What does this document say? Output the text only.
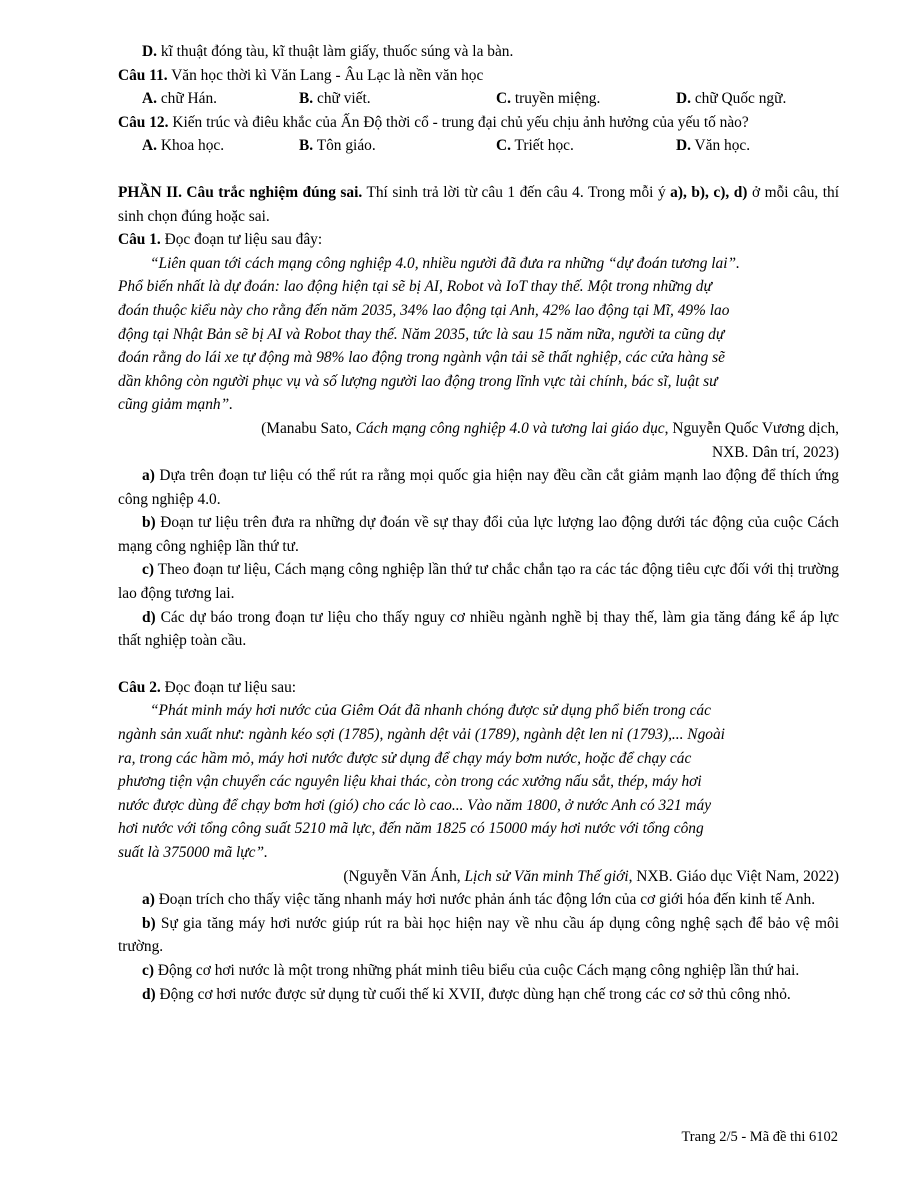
D. kĩ thuật đóng tàu, kĩ thuật làm giấy, thuốc súng và la bàn.
Câu 11. Văn học thời kì Văn Lang - Âu Lạc là nền văn học
A. chữ Hán.	B. chữ viết.	C. truyền miệng.	D. chữ Quốc ngữ.
Câu 12. Kiến trúc và điêu khắc của Ấn Độ thời cổ - trung đại chủ yếu chịu ảnh hưởng của yếu tố nào?
A. Khoa học.	B. Tôn giáo.	C. Triết học.	D. Văn học.
PHẦN II. Câu trắc nghiệm đúng sai. Thí sinh trả lời từ câu 1 đến câu 4. Trong mỗi ý a), b), c), d) ở mỗi câu, thí sinh chọn đúng hoặc sai.
Câu 1. Đọc đoạn tư liệu sau đây:
“Liên quan tới cách mạng công nghiệp 4.0, nhiều người đã đưa ra những “dự đoán tương lai”.
Phổ biến nhất là dự đoán: lao động hiện tại sẽ bị AI, Robot và IoT thay thế. Một trong những dự
đoán thuộc kiểu này cho rằng đến năm 2035, 34% lao động tại Anh, 42% lao động tại Mĩ, 49% lao
động tại Nhật Bản sẽ bị AI và Robot thay thế. Năm 2035, tức là sau 15 năm nữa, người ta cũng dự
đoán rằng do lái xe tự động mà 98% lao động trong ngành vận tải sẽ thất nghiệp, các cửa hàng sẽ
dần không còn người phục vụ và số lượng người lao động trong lĩnh vực tài chính, bác sĩ, luật sư
cũng giảm mạnh”.
(Manabu Sato, Cách mạng công nghiệp 4.0 và tương lai giáo dục, Nguyễn Quốc Vương dịch,
NXB. Dân trí, 2023)
a) Dựa trên đoạn tư liệu có thể rút ra rằng mọi quốc gia hiện nay đều cần cắt giảm mạnh lao động để thích ứng công nghiệp 4.0.
b) Đoạn tư liệu trên đưa ra những dự đoán về sự thay đổi của lực lượng lao động dưới tác động của cuộc Cách mạng công nghiệp lần thứ tư.
c) Theo đoạn tư liệu, Cách mạng công nghiệp lần thứ tư chắc chắn tạo ra các tác động tiêu cực đối với thị trường lao động tương lai.
d) Các dự báo trong đoạn tư liệu cho thấy nguy cơ nhiều ngành nghề bị thay thế, làm gia tăng đáng kể áp lực thất nghiệp toàn cầu.
Câu 2. Đọc đoạn tư liệu sau:
“Phát minh máy hơi nước của Giêm Oát đã nhanh chóng được sử dụng phổ biến trong các
ngành sản xuất như: ngành kéo sợi (1785), ngành dệt vải (1789), ngành dệt len nỉ (1793),... Ngoài
ra, trong các hầm mỏ, máy hơi nước được sử dụng để chạy máy bơm nước, hoặc để chạy các
phương tiện vận chuyển các nguyên liệu khai thác, còn trong các xưởng nấu sắt, thép, máy hơi
nước được dùng để chạy bơm hơi (gió) cho các lò cao... Vào năm 1800, ở nước Anh có 321 máy
hơi nước với tổng công suất 5210 mã lực, đến năm 1825 có 15000 máy hơi nước với tổng công
suất là 375000 mã lực”.
(Nguyễn Văn Ánh, Lịch sử Văn minh Thế giới, NXB. Giáo dục Việt Nam, 2022)
a) Đoạn trích cho thấy việc tăng nhanh máy hơi nước phản ánh tác động lớn của cơ giới hóa đến kinh tế Anh.
b) Sự gia tăng máy hơi nước giúp rút ra bài học hiện nay về nhu cầu áp dụng công nghệ sạch để bảo vệ môi trường.
c) Động cơ hơi nước là một trong những phát minh tiêu biểu của cuộc Cách mạng công nghiệp lần thứ hai.
d) Động cơ hơi nước được sử dụng từ cuối thế kỉ XVII, được dùng hạn chế trong các cơ sở thủ công nhỏ.
Trang 2/5 - Mã đề thi 6102
